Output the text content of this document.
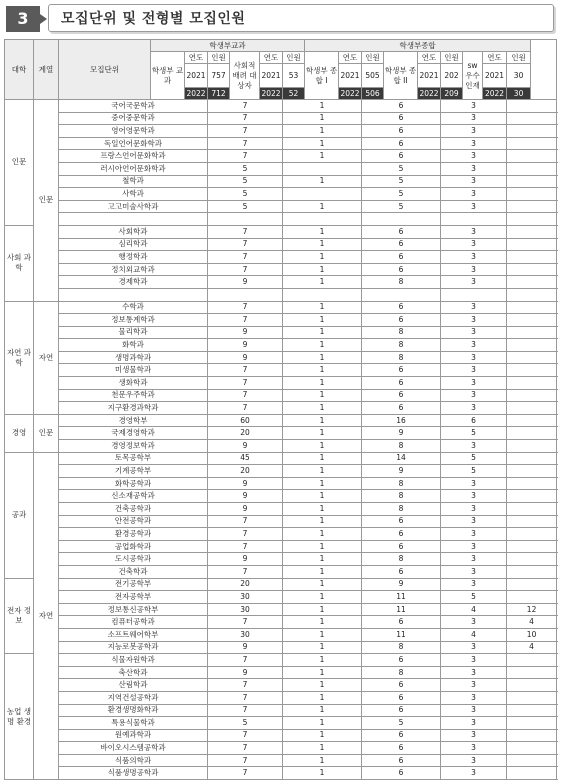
3	모집단위 및 전형별 모집인원
대학	계열	모집단위	학생부교과						학생부종합										
			학생부 교과	연도	인원	사회적 배려 대상자	연도	인원	학생부 종합 I	연도	인원	학생부 종합 II	연도	인원	sw 우수 인재	연도	인원		
				2021	757		2021	53		2021	505		2021	202		2021	30		

				2022	712		2022	52		2022	506		2022	209		2022	30		
인문	인문	국어국문학과			7			1			6			3					
		중어중문학과			7			1			6			3					
		영어영문학과			7			1			6			3					
		독일언어문화학과			7			1			6			3					
		프랑스언어문화학과			7			1			6			3					
		러시아언어문화학과			5						5			3					
		철학과			5			1			5			3					
		사학과			5						5			3					
		고고미술사학과			5			1			5			3					

사회 과학		사회학과			7			1			6			3					
		심리학과			7			1			6			3					
		행정학과			7			1			6			3					
		정치외교학과			7			1			6			3					
		경제학과			9			1			8			3					

자연 과학	자연	수학과			7			1			6			3					
		정보통계학과			7			1			6			3					
		물리학과			9			1			8			3					
		화학과			9			1			8			3					
		생명과학과			9			1			8			3					
		미생물학과			7			1			6			3					
		생화학과			7			1			6			3					
		천문우주학과			7			1			6			3					
		지구환경과학과			7			1			6			3					
경영	인문	경영학부			60			1			16			6					
		국제경영학과			20			1			9			5					
		경영정보학과			9			1			8			3					
공과	자연	토목공학부			45			1			14			5					
		기계공학부			20			1			9			5					
		화학공학과			9			1			8			3					
		신소재공학과			9			1			8			3					
		건축공학과			9			1			8			3					
		안전공학과			7			1			6			3					
		환경공학과			7			1			6			3					
		공업화학과			7			1			6			3					
		도시공학과			9			1			8			3					
		건축학과			7			1			6			3					
전자 정보		전기공학부			20			1			9			3					
		전자공학부			30			1			11			5					
		정보통신공학부			30			1			11			4			12		
		컴퓨터공학과			7			1			6			3			4		
		소프트웨어학부			30			1			11			4			10		
		지능로봇공학과			9			1			8			3			4		
농업 생명 환경		식물자원학과			7			1			6			3					
		축산학과			9			1			8			3					
		산림학과			7			1			6			3					
		지역건설공학과			7			1			6			3					
		환경생명화학과			7			1			6			3					
		특용식물학과			5			1			5			3					
		원예과학과			7			1			6			3					
		바이오시스템공학과			7			1			6			3					
		식품의학과			7			1			6			3					
		식품생명공학과			7			1			6			3					
